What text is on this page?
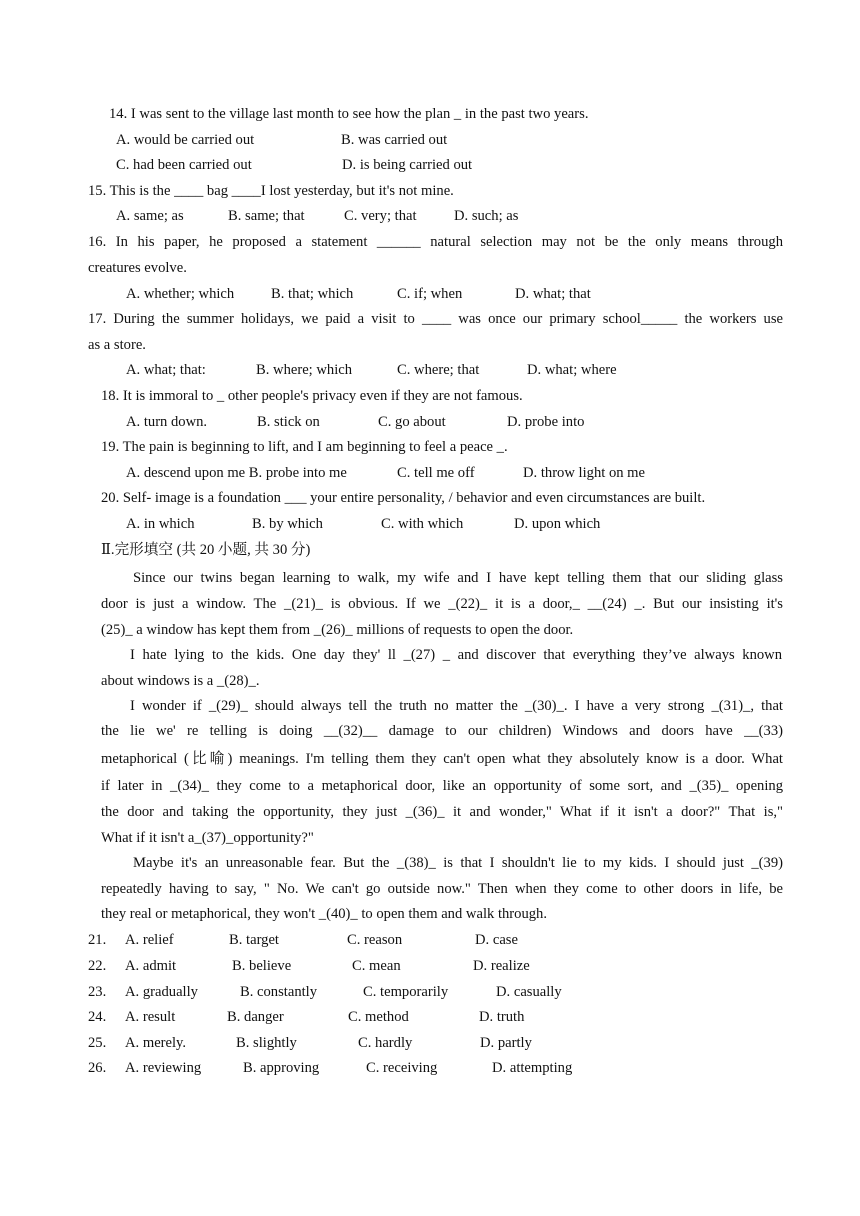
14. I was sent to the village last month to see how the plan _ in the past two years.
A. would be carried out	B. was carried out
C. had been carried out	D. is being carried out
15. This is the ____ bag ____I lost yesterday, but it's not mine.
A. same; as	B. same; that	C. very; that	D. such; as
16. In his paper, he proposed a statement ______ natural selection may not be the only means through
creatures evolve.
A. whether; which	B. that; which	C. if; when	D. what; that
17. During the summer holidays, we paid a visit to ____ was once our primary school_____ the workers use
as a store.
A. what; that:	B. where; which	C. where; that	D. what; where
18. It is immoral to _ other people's privacy even if they are not famous.
A. turn down.	B. stick on	C. go about	D. probe into
19. The pain is beginning to lift, and I am beginning to feel a peace _.
A. descend upon me B. probe into me	C. tell me off	D. throw light on me
20. Self- image is a foundation ___ your entire personality, / behavior and even circumstances are built.
A. in which	B. by which	C. with which	D. upon which
Ⅱ.完形填空 (共 20 小题, 共 30 分)
Since our twins began learning to walk, my wife and I have kept telling them that our sliding glass
door is just a window. The _(21)_ is obvious. If we _(22)_ it is a door,_ __(24) _. But our insisting it's
(25)_ a window has kept them from _(26)_ millions of requests to open the door.
I hate lying to the kids. One day they' ll _(27) _ and discover that everything they’ve always known
about windows is a _(28)_.
I wonder if _(29)_ should always tell the truth no matter the _(30)_. I have a very strong _(31)_, that
the lie we' re telling is doing __(32)__ damage to our children) Windows and doors have __(33)
metaphorical (比喻) meanings. I'm telling them they can't open what they absolutely know is a door. What
if later in _(34)_ they come to a metaphorical door, like an opportunity of some sort, and _(35)_ opening
the door and taking the opportunity, they just _(36)_ it and wonder," What if it isn't a door?" That is,"
What if it isn't a_(37)_opportunity?"
Maybe it's an unreasonable fear. But the _(38)_ is that I shouldn't lie to my kids. I should just _(39)
repeatedly having to say, " No. We can't go outside now." Then when they come to other doors in life, be
they real or metaphorical, they won't _(40)_ to open them and walk through.
21. A. relief	B. target	C. reason	D. case
22. A. admit	B. believe	C. mean	D. realize
23. A. gradually	B. constantly	C. temporarily	D. casually
24. A. result	B. danger	C. method	D. truth
25. A. merely.	B. slightly	C. hardly	D. partly
26. A. reviewing	B. approving	C. receiving	D. attempting
